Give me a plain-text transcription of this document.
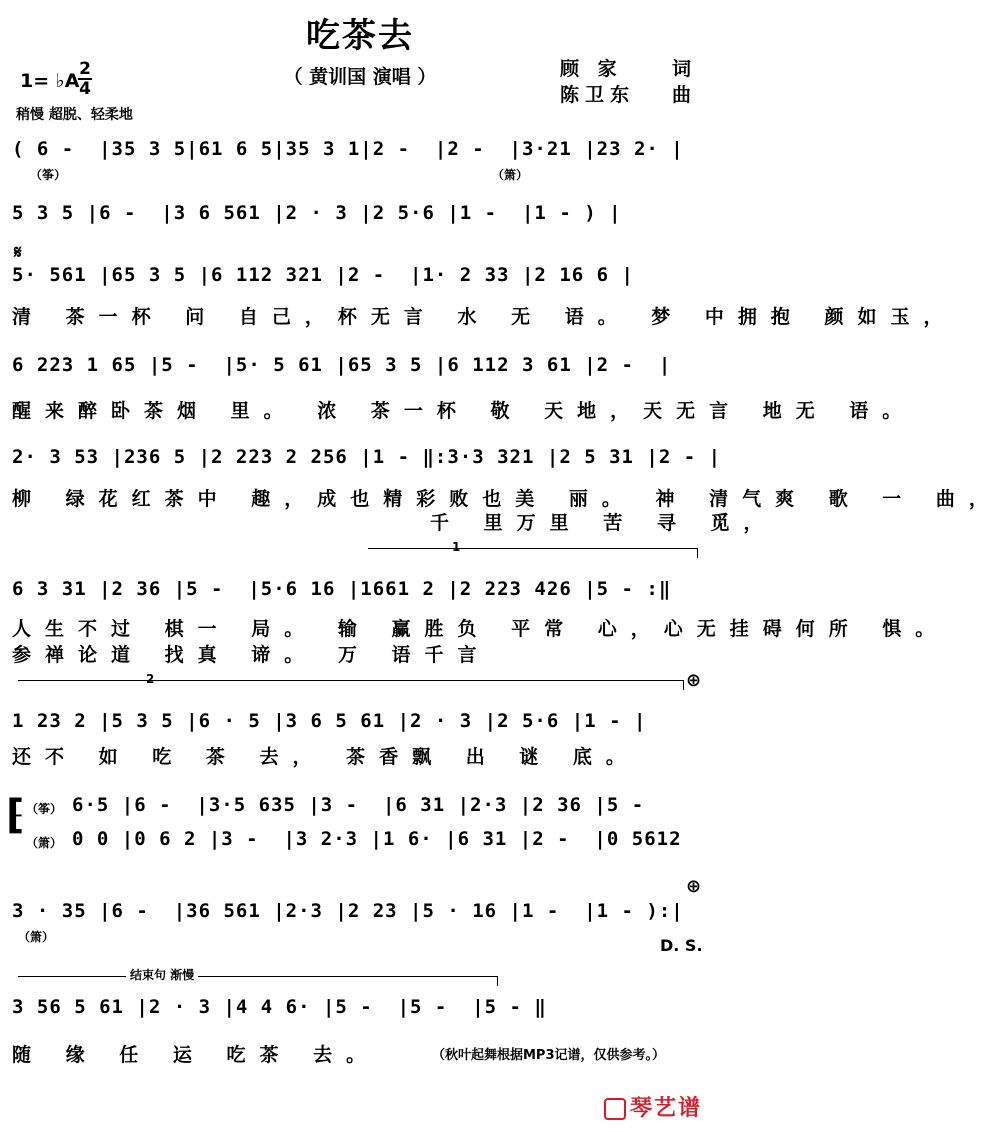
吃茶去
（ 黄训国 演唱 ）	顾 家	词
陈卫东 曲
1= ♭A
2
4
稍慢 超脱、轻柔地
( 6 -  |35 3 5|61 6 5|35 3 1|2 -  |2 -  |3·21 |23 2· |
（筝）	（箫）
5 3 5 |6 -  |3 6 561 |2 · 3 |2 5·6 |1 -  |1 - ) |
𝄋
5· 561 |65 3 5 |6 112 321 |2 -  |1· 2 33 |2 16 6 |
清 茶一杯 问 自己，杯无言 水 无 语。 梦 中拥抱 颜如玉，
6 223 1 65 |5 -  |5· 5 61 |65 3 5 |6 112 3 61 |2 -  |
醒来醉卧茶烟 里。 浓 茶一杯 敬 天地，天无言 地无 语。
2· 3 53 |236 5 |2 223 2 256 |1 - ‖:3·3 321 |2 5 31 |2 - |
柳 绿花红茶中 趣，成也精彩败也美 丽。 神 清气爽 歌 一 曲，
千 里万里 苦 寻 觅，
1
6 3 31 |2 36 |5 -  |5·6 16 |1661 2 |2 223 426 |5 - :‖
人生不过 棋一 局。 输 赢胜负 平常 心，心无挂碍何所 惧。
参禅论道 找真 谛。 万 语千言
2	⊕
1 23 2 |5 3 5 |6 · 5 |3 6 5 61 |2 · 3 |2 5·6 |1 - |
还不 如 吃 茶 去， 茶香飘 出 谜 底。
⁅ （筝） 6·5 |6 -  |3·5 635 |3 -  |6 31 |2·3 |2 36 |5 -
（箫） 0 0 |0 6 2 |3 -  |3 2·3 |1 6· |6 31 |2 -  |0 5612
⊕
3 · 35 |6 -  |36 561 |2·3 |2 23 |5 · 16 |1 -  |1 - ):|
（箫）	D. S.
结束句 渐慢
3 56 5 61 |2 · 3 |4 4 6· |5 -  |5 -  |5 - ‖
随 缘 任 运 吃茶 去。	（秋叶起舞根据MP3记谱，仅供参考。）
琴艺谱
